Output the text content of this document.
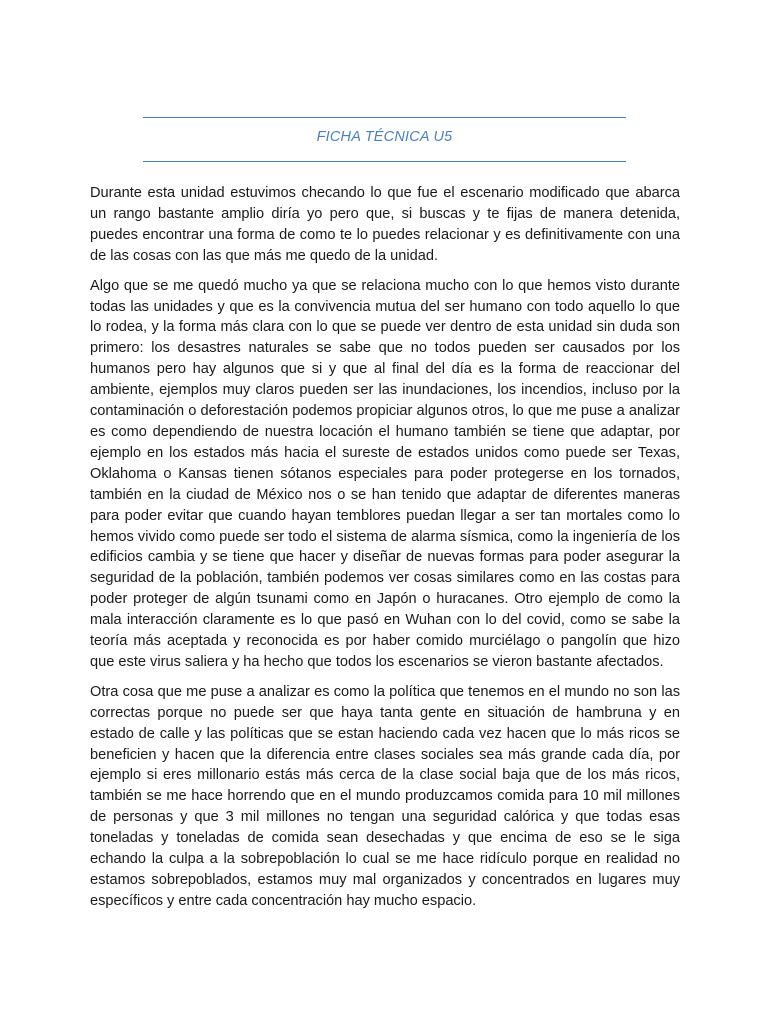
FICHA TÉCNICA U5

Durante esta unidad estuvimos checando lo que fue el escenario modificado que abarca un rango bastante amplio diría yo pero que, si buscas y te fijas de manera detenida, puedes encontrar una forma de como te lo puedes relacionar y es definitivamente con una de las cosas con las que más me quedo de la unidad.

Algo que se me quedó mucho ya que se relaciona mucho con lo que hemos visto durante todas las unidades y que es la convivencia mutua del ser humano con todo aquello lo que lo rodea, y la forma más clara con lo que se puede ver dentro de esta unidad sin duda son primero: los desastres naturales se sabe que no todos pueden ser causados por los humanos pero hay algunos que si y que al final del día es la forma de reaccionar del ambiente, ejemplos muy claros pueden ser las inundaciones, los incendios, incluso por la contaminación o deforestación podemos propiciar algunos otros, lo que me puse a analizar es como dependiendo de nuestra locación el humano también se tiene que adaptar, por ejemplo en los estados más hacia el sureste de estados unidos como puede ser Texas, Oklahoma o Kansas tienen sótanos especiales para poder protegerse en los tornados, también en la ciudad de México nos o se han tenido que adaptar de diferentes maneras para poder evitar que cuando hayan temblores puedan llegar a ser tan mortales como lo hemos vivido como puede ser todo el sistema de alarma sísmica, como la ingeniería de los edificios cambia y se tiene que hacer y diseñar de nuevas formas para poder asegurar la seguridad de la población, también podemos ver cosas similares como en las costas para poder proteger de algún tsunami como en Japón o huracanes. Otro ejemplo de como la mala interacción claramente es lo que pasó en Wuhan con lo del covid, como se sabe la teoría más aceptada y reconocida es por haber comido murciélago o pangolín que hizo que este virus saliera y ha hecho que todos los escenarios se vieron bastante afectados.

Otra cosa que me puse a analizar es como la política que tenemos en el mundo no son las correctas porque no puede ser que haya tanta gente en situación de hambruna y en estado de calle y las políticas que se estan haciendo cada vez hacen que lo más ricos se beneficien y hacen que la diferencia entre clases sociales sea más grande cada día, por ejemplo si eres millonario estás más cerca de la clase social baja que de los más ricos, también se me hace horrendo que en el mundo produzcamos comida para 10 mil millones de personas y que 3 mil millones no tengan una seguridad calórica y que todas esas toneladas y toneladas de comida sean desechadas y que encima de eso se le siga echando la culpa a la sobrepoblación lo cual se me hace ridículo porque en realidad no estamos sobrepoblados, estamos muy mal organizados y concentrados en lugares muy específicos y entre cada concentración hay mucho espacio.
